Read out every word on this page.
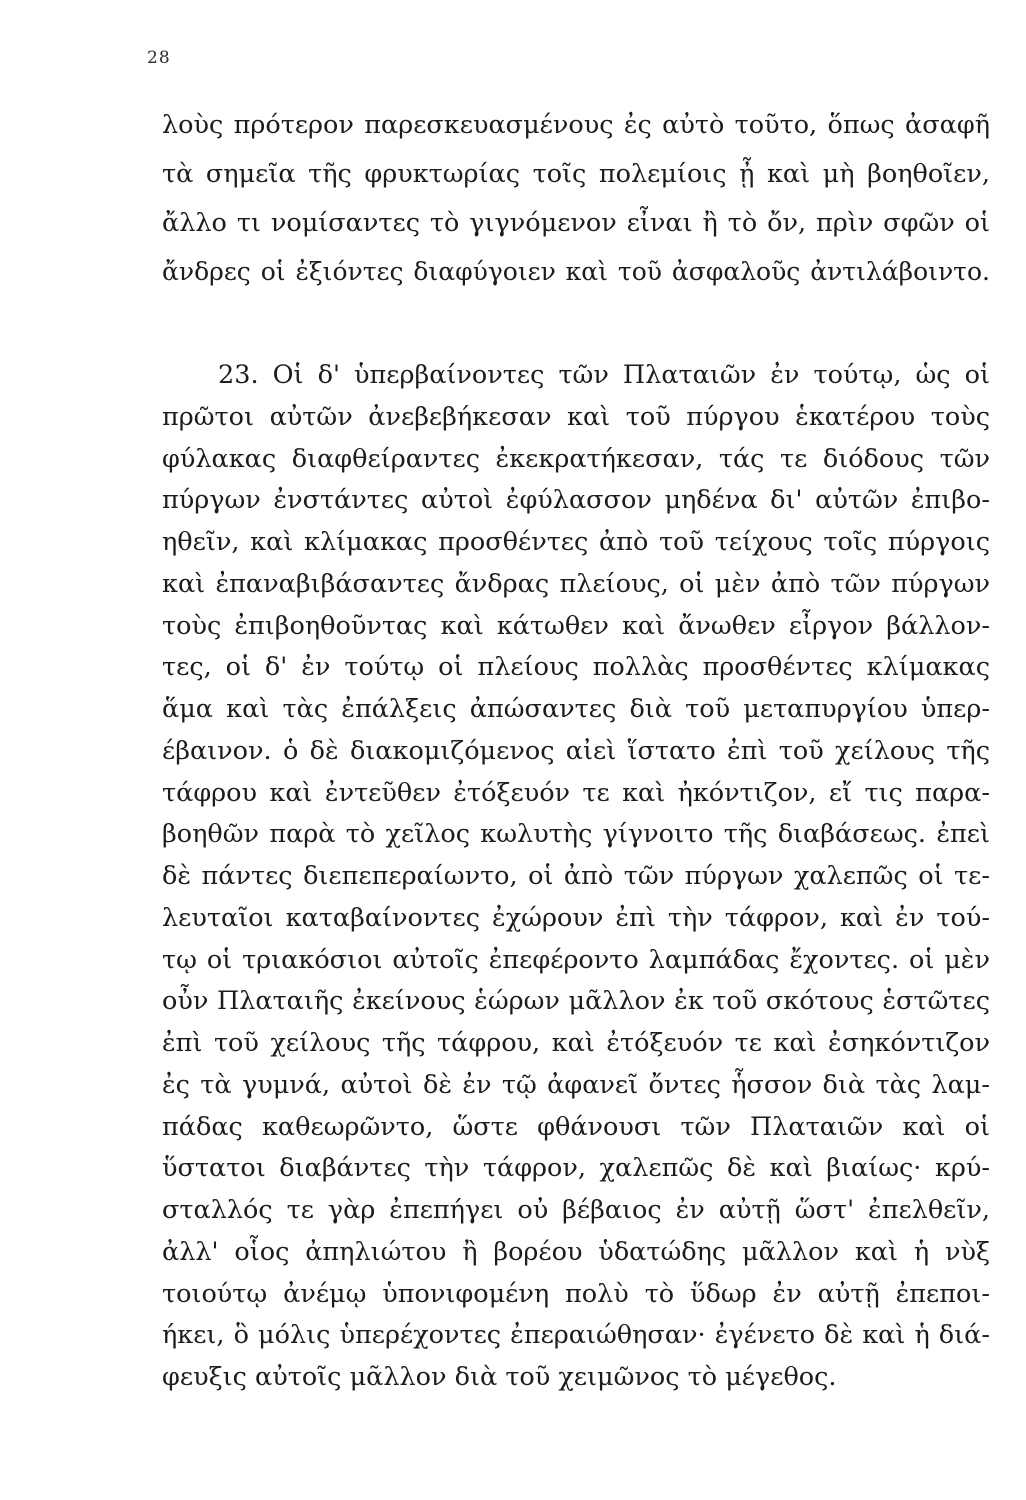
28
λοὺς πρότερον παρεσκευασμένους ἐς αὐτὸ τοῦτο, ὅπως ἀσαφῆ
τὰ σημεῖα τῆς φρυκτωρίας τοῖς πολεμίοις ᾖ καὶ μὴ βοηθοῖεν,
ἄλλο τι νομίσαντες τὸ γιγνόμενον εἶναι ἢ τὸ ὄν, πρὶν σφῶν οἱ
ἄνδρες οἱ ἐξιόντες διαφύγοιεν καὶ τοῦ ἀσφαλοῦς ἀντιλάβοιντο.
23. Οἱ δ' ὑπερβαίνοντες τῶν Πλαταιῶν ἐν τούτῳ, ὡς οἱ
πρῶτοι αὐτῶν ἀνεβεβήκεσαν καὶ τοῦ πύργου ἑκατέρου τοὺς
φύλακας διαφθείραντες ἐκεκρατήκεσαν, τάς τε διόδους τῶν
πύργων ἐνστάντες αὐτοὶ ἐφύλασσον μηδένα δι' αὐτῶν ἐπιβο-
ηθεῖν, καὶ κλίμακας προσθέντες ἀπὸ τοῦ τείχους τοῖς πύργοις
καὶ ἐπαναβιβάσαντες ἄνδρας πλείους, οἱ μὲν ἀπὸ τῶν πύργων
τοὺς ἐπιβοηθοῦντας καὶ κάτωθεν καὶ ἄνωθεν εἶργον βάλλον-
τες, οἱ δ' ἐν τούτῳ οἱ πλείους πολλὰς προσθέντες κλίμακας
ἅμα καὶ τὰς ἐπάλξεις ἀπώσαντες διὰ τοῦ μεταπυργίου ὑπερ-
έβαινον. ὁ δὲ διακομιζόμενος αἰεὶ ἵστατο ἐπὶ τοῦ χείλους τῆς
τάφρου καὶ ἐντεῦθεν ἐτόξευόν τε καὶ ἠκόντιζον, εἴ τις παρα-
βοηθῶν παρὰ τὸ χεῖλος κωλυτὴς γίγνοιτο τῆς διαβάσεως. ἐπεὶ
δὲ πάντες διεπεπεραίωντο, οἱ ἀπὸ τῶν πύργων χαλεπῶς οἱ τε-
λευταῖοι καταβαίνοντες ἐχώρουν ἐπὶ τὴν τάφρον, καὶ ἐν τού-
τῳ οἱ τριακόσιοι αὐτοῖς ἐπεφέροντο λαμπάδας ἔχοντες. οἱ μὲν
οὖν Πλαταιῆς ἐκείνους ἑώρων μᾶλλον ἐκ τοῦ σκότους ἑστῶτες
ἐπὶ τοῦ χείλους τῆς τάφρου, καὶ ἐτόξευόν τε καὶ ἐσηκόντιζον
ἐς τὰ γυμνά, αὐτοὶ δὲ ἐν τῷ ἀφανεῖ ὄντες ἧσσον διὰ τὰς λαμ-
πάδας καθεωρῶντο, ὥστε φθάνουσι τῶν Πλαταιῶν καὶ οἱ
ὕστατοι διαβάντες τὴν τάφρον, χαλεπῶς δὲ καὶ βιαίως· κρύ-
σταλλός τε γὰρ ἐπεπήγει οὐ βέβαιος ἐν αὐτῇ ὥστ' ἐπελθεῖν,
ἀλλ' οἷος ἀπηλιώτου ἢ βορέου ὑδατώδης μᾶλλον καὶ ἡ νὺξ
τοιούτῳ ἀνέμῳ ὑπονιφομένη πολὺ τὸ ὕδωρ ἐν αὐτῇ ἐπεποι-
ήκει, ὃ μόλις ὑπερέχοντες ἐπεραιώθησαν· ἐγένετο δὲ καὶ ἡ διά-
φευξις αὐτοῖς μᾶλλον διὰ τοῦ χειμῶνος τὸ μέγεθος.
